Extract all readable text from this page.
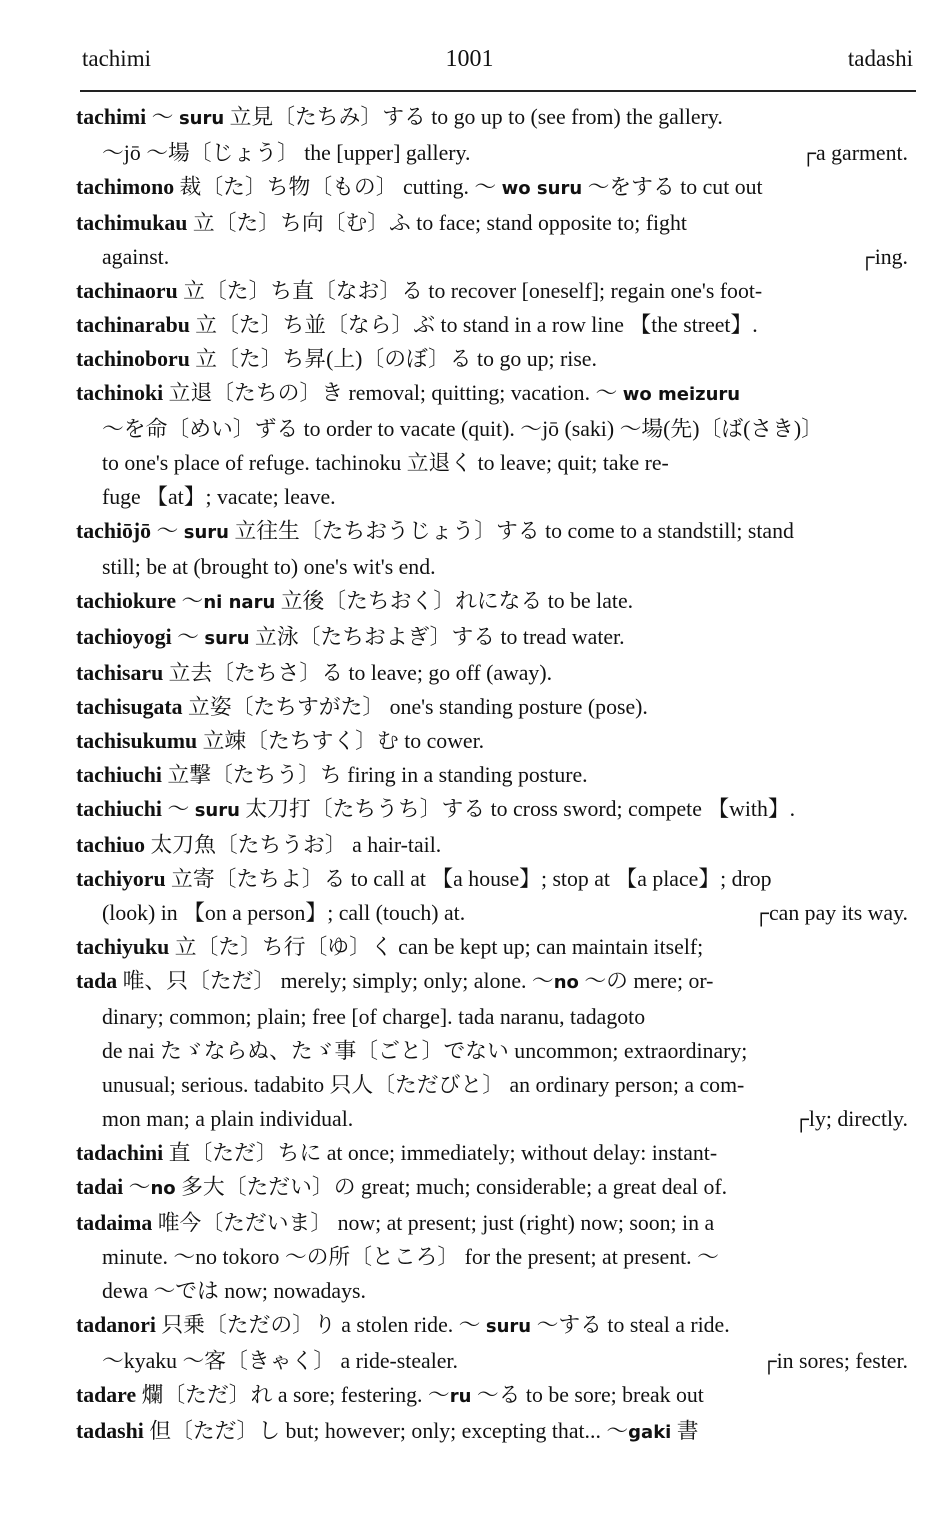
tachimi	1001	tadashi
tachimi ～ suru 立見〔たちみ〕する to go up to (see from) the gallery.
┌a garment.
～jō ～場〔じょう〕 the [upper] gallery.
tachimono 裁〔た〕ち物〔もの〕 cutting. ～ wo suru ～をする to cut out
tachimukau 立〔た〕ち向〔む〕ふ to face; stand opposite to; fight
┌ing.
against.
tachinaoru 立〔た〕ち直〔なお〕る to recover [oneself]; regain one's foot-
tachinarabu 立〔た〕ち並〔なら〕ぶ to stand in a row line 【the street】.
tachinoboru 立〔た〕ち昇(上)〔のぼ〕る to go up; rise.
tachinoki 立退〔たちの〕き removal; quitting; vacation. ～ wo meizuru
～を命〔めい〕ずる to order to vacate (quit). ～jō (saki) ～場(先)〔ば(さき)〕
to one's place of refuge. tachinoku 立退く to leave; quit; take re-
fuge 【at】; vacate; leave.
tachiōjō ～ suru 立往生〔たちおうじょう〕する to come to a standstill; stand
still; be at (brought to) one's wit's end.
tachiokure ～ni naru 立後〔たちおく〕れになる to be late.
tachioyogi ～ suru 立泳〔たちおよぎ〕する to tread water.
tachisaru 立去〔たちさ〕る to leave; go off (away).
tachisugata 立姿〔たちすがた〕 one's standing posture (pose).
tachisukumu 立竦〔たちすく〕む to cower.
tachiuchi 立撃〔たちう〕ち firing in a standing posture.
tachiuchi ～ suru 太刀打〔たちうち〕する to cross sword; compete 【with】.
tachiuo 太刀魚〔たちうお〕 a hair-tail.
tachiyoru 立寄〔たちよ〕る to call at 【a house】; stop at 【a place】; drop
┌can pay its way.
(look) in 【on a person】; call (touch) at.
tachiyuku 立〔た〕ち行〔ゆ〕く can be kept up; can maintain itself;
tada 唯、只〔ただ〕 merely; simply; only; alone. ～no ～の mere; or-
dinary; common; plain; free [of charge]. tada naranu, tadagoto
de nai たゞならぬ、たゞ事〔ごと〕でない uncommon; extraordinary;
unusual; serious. tadabito 只人〔ただびと〕 an ordinary person; a com-
┌ly; directly.
mon man; a plain individual.
tadachini 直〔ただ〕ちに at once; immediately; without delay: instant-
tadai ～no 多大〔ただい〕の great; much; considerable; a great deal of.
tadaima 唯今〔ただいま〕 now; at present; just (right) now; soon; in a
minute. ～no tokoro ～の所〔ところ〕 for the present; at present. ～
dewa ～では now; nowadays.
tadanori 只乗〔ただの〕り a stolen ride. ～ suru ～する to steal a ride.
┌in sores; fester.
～kyaku ～客〔きゃく〕 a ride-stealer.
tadare 爛〔ただ〕れ a sore; festering. ～ru ～る to be sore; break out
tadashi 但〔ただ〕し but; however; only; excepting that... ～gaki 書
